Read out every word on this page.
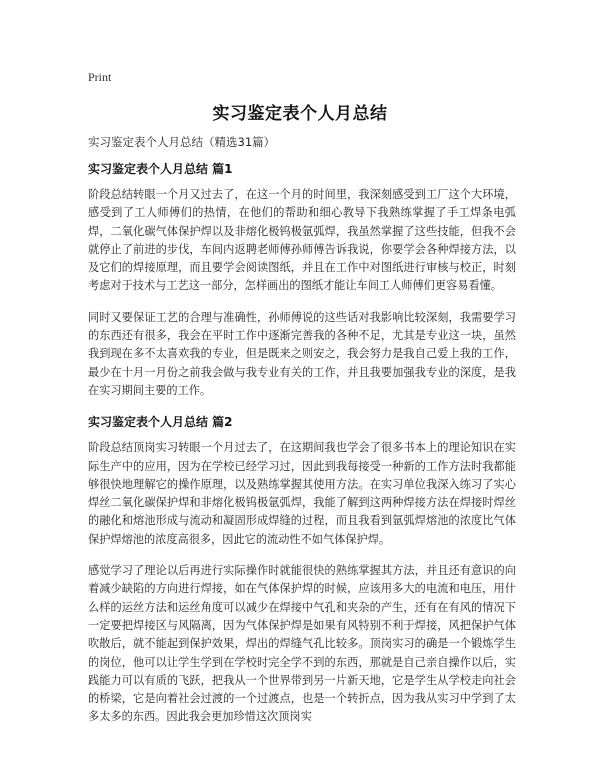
Print
实习鉴定表个人月总结
实习鉴定表个人月总结（精选31篇）
实习鉴定表个人月总结 篇1

阶段总结转眼一个月又过去了，在这一个月的时间里，我深刻感受到工厂这个大环境，感受到了工人师傅们的热情，在他们的帮助和细心教导下我熟练掌握了手工焊条电弧焊，二氧化碳气体保护焊以及非熔化极钨极氩弧焊，我虽然掌握了这些技能，但我不会就停止了前进的步伐，车间内返聘老师傅孙师傅告诉我说，你要学会各种焊接方法，以及它们的焊接原理，而且要学会阅读图纸，并且在工作中对图纸进行审核与校正，时刻考虑对于技术与工艺这一部分，怎样画出的图纸才能让车间工人师傅们更容易看懂。

同时又要保证工艺的合理与准确性，孙师傅说的这些话对我影响比较深刻，我需要学习的东西还有很多，我会在平时工作中逐渐完善我的各种不足，尤其是专业这一块，虽然我到现在多不太喜欢我的专业，但是既来之则安之，我会努力是我自己爱上我的工作，最少在十月一月份之前我会做与我专业有关的工作，并且我要加强我专业的深度，是我在实习期间主要的工作。

实习鉴定表个人月总结 篇2

阶段总结顶岗实习转眼一个月过去了，在这期间我也学会了很多书本上的理论知识在实际生产中的应用，因为在学校已经学习过，因此到我每接受一种新的工作方法时我都能够很快地理解它的操作原理，以及熟练掌握其使用方法。在实习单位我深入练习了实心焊丝二氧化碳保护焊和非熔化极钨极氩弧焊，我能了解到这两种焊接方法在焊接时焊丝的融化和熔池形成与流动和凝固形成焊缝的过程，而且我看到氩弧焊熔池的浓度比气体保护焊熔池的浓度高很多，因此它的流动性不如气体保护焊。

感觉学习了理论以后再进行实际操作时就能很快的熟练掌握其方法，并且还有意识的向着减少缺陷的方向进行焊接，如在气体保护焊的时候，应该用多大的电流和电压，用什么样的运丝方法和运丝角度可以减少在焊接中气孔和夹杂的产生，还有在有风的情况下一定要把焊接区与风隔离，因为气体保护焊是如果有风特别不利于焊接，风把保护气体吹散后，就不能起到保护效果，焊出的焊缝气孔比较多。顶岗实习的确是一个锻炼学生的岗位，他可以让学生学到在学校时完全学不到的东西，那就是自己亲自操作以后，实践能力可以有质的飞跃，把我从一个世界带到另一片新天地，它是学生从学校走向社会的桥梁，它是向着社会过渡的一个过渡点，也是一个转折点，因为我从实习中学到了太多太多的东西。因此我会更加珍惜这次顶岗实
